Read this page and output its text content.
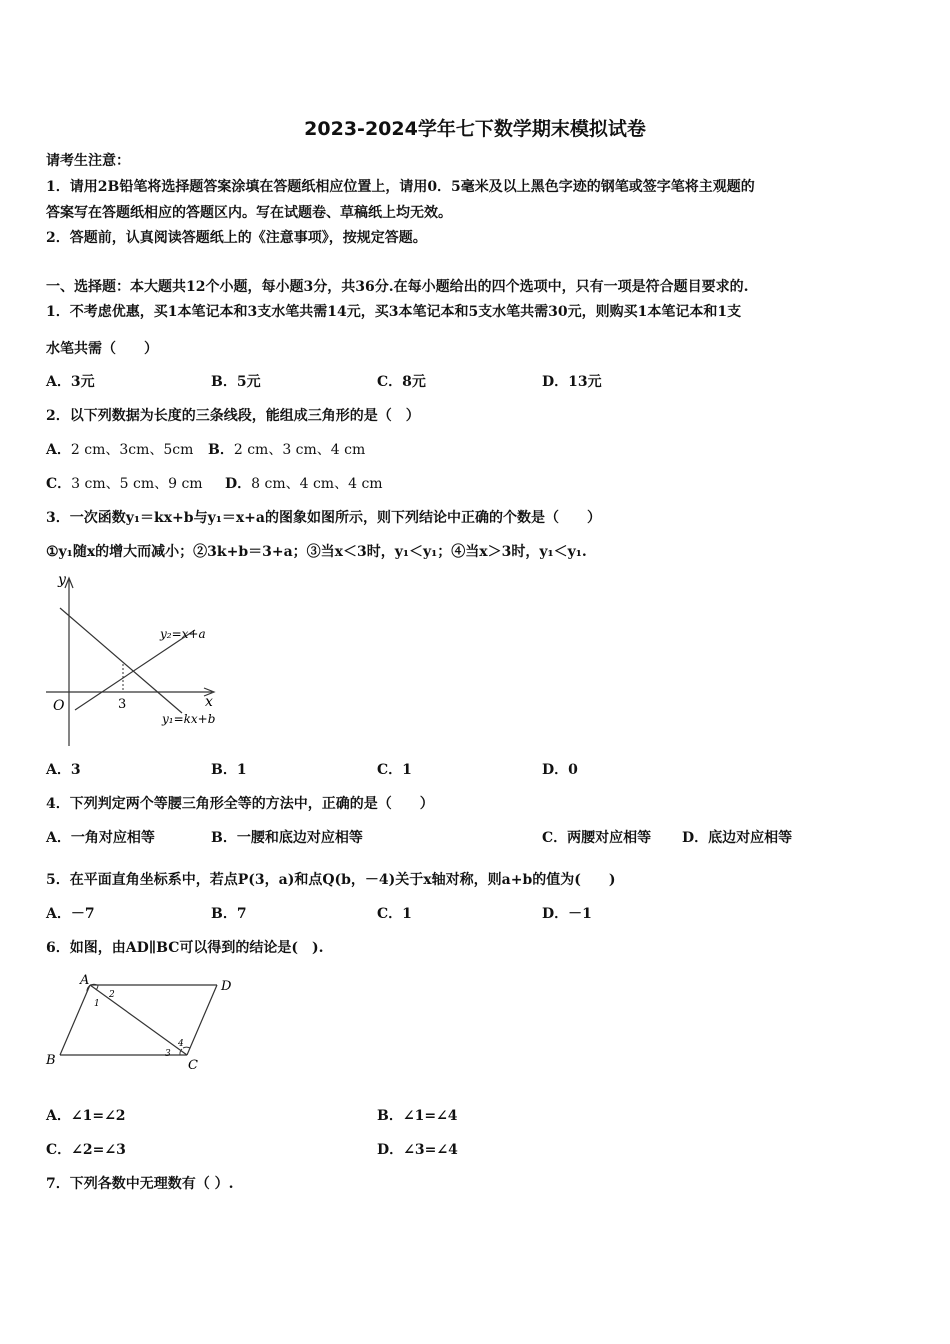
2023-2024学年七下数学期末模拟试卷
请考生注意：
1．请用2B铅笔将选择题答案涂填在答题纸相应位置上，请用0．5毫米及以上黑色字迹的钢笔或签字笔将主观题的
答案写在答题纸相应的答题区内。写在试题卷、草稿纸上均无效。
2．答题前，认真阅读答题纸上的《注意事项》，按规定答题。
一、选择题：本大题共12个小题，每小题3分，共36分.在每小题给出的四个选项中，只有一项是符合题目要求的.
1．不考虑优惠，买1本笔记本和3支水笔共需14元，买3本笔记本和5支水笔共需30元，则购买1本笔记本和1支
水笔共需（　　）
A．3元	B．5元	C．8元	D．13元
2．以下列数据为长度的三条线段，能组成三角形的是（　）
A．2 cm、3cm、5cm B．2 cm、3 cm、4 cm
C．3 cm、5 cm、9 cm D．8 cm、4 cm、4 cm
3．一次函数y₁＝kx+b与y₁＝x+a的图象如图所示，则下列结论中正确的个数是（　　）
①y₁随x的增大而减小；②3k+b＝3+a；③当x＜3时，y₁＜y₁；④当x＞3时，y₁＜y₁.
y
x
O	3
y₂=x+a
y₁=kx+b
A．3	B．1	C．1	D．0
4．下列判定两个等腰三角形全等的方法中，正确的是（　　）
A．一角对应相等	B．一腰和底边对应相等	C．两腰对应相等 D．底边对应相等
5．在平面直角坐标系中，若点P(3，a)和点Q(b，－4)关于x轴对称，则a+b的值为(　　)
A．－7	B．7	C．1	D．－1
6．如图，由AD∥BC可以得到的结论是(　).
A	D
B	C
1
2
3
4
A．∠1=∠2	B．∠1=∠4
C．∠2=∠3	D．∠3=∠4
7．下列各数中无理数有（ ）.
